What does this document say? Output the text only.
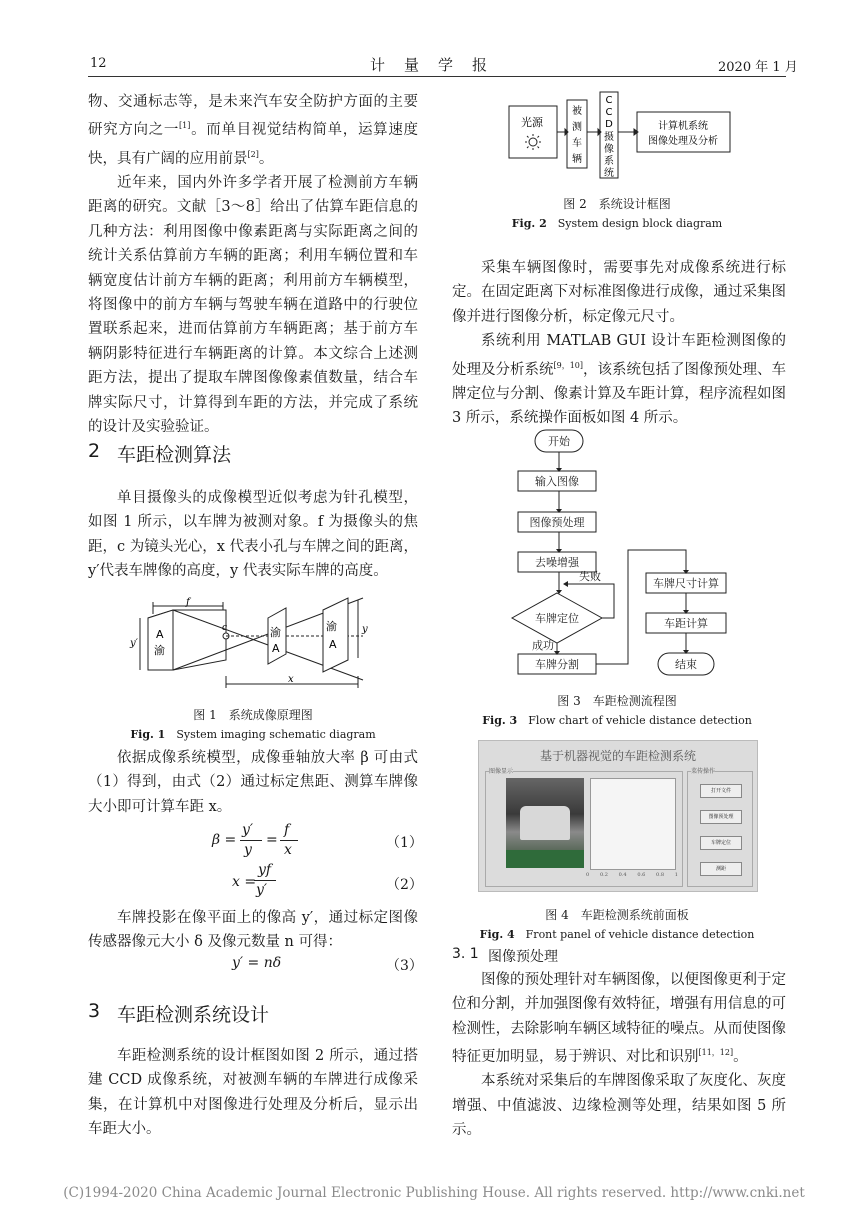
12	计　量　学　报	2020 年 1 月

物、交通标志等，是未来汽车安全防护方面的主要研究方向之一[1]。而单目视觉结构简单，运算速度快，具有广阔的应用前景[2]。

近年来，国内外许多学者开展了检测前方车辆距离的研究。文献［3～8］给出了估算车距信息的几种方法：利用图像中像素距离与实际距离之间的统计关系估算前方车辆的距离；利用车辆位置和车辆宽度估计前方车辆的距离；利用前方车辆模型，将图像中的前方车辆与驾驶车辆在道路中的行驶位置联系起来，进而估算前方车辆距离；基于前方车辆阴影特征进行车辆距离的计算。本文综合上述测距方法，提出了提取车牌图像像素值数量，结合车牌实际尺寸，计算得到车距的方法，并完成了系统的设计及实验验证。

2 车距检测算法

单目摄像头的成像模型近似考虑为针孔模型，如图 1 所示，以车牌为被测对象。f 为摄像头的焦距，c 为镜头光心，x 代表小孔与车牌之间的距离，y′代表车牌像的高度，y 代表实际车牌的高度。

f
y′
c	y
x
A
渝
渝
A
渝
A
图 1　系统成像原理图
Fig. 1　 System imaging schematic diagram

依据成像系统模型，成像垂轴放大率 β 可由式（1）得到，由式（2）通过标定焦距、测算车牌像大小即可计算车距 x。

β =
y′
y
=
f
x	（1）
x =
yf
y′	（2）

车牌投影在像平面上的像高 y′，通过标定图像传感器像元大小 δ 及像元数量 n 可得：

y′ = nδ	（3）
3 车距检测系统设计

车距检测系统的设计框图如图 2 所示，通过搭建 CCD 成像系统，对被测车辆的车牌进行成像采集，在计算机中对图像进行处理及分析后，显示出车距大小。

光源
被
测
车
辆
C
C
D
摄
像
系
统
计算机系统
图像处理及分析
图 2　系统设计框图
Fig. 2　 System design block diagram

采集车辆图像时，需要事先对成像系统进行标定。在固定距离下对标准图像进行成像，通过采集图像并进行图像分析，标定像元尺寸。

系统利用 MATLAB GUI 设计车距检测图像的处理及分析系统[9，10]，该系统包括了图像预处理、车牌定位与分割、像素计算及车距计算，程序流程如图 3 所示，系统操作面板如图 4 所示。

开始
输入图像
图像预处理
去噪增强
车牌定位
失败
成功
车牌分割
车牌尺寸计算
车距计算
结束
图 3　车距检测流程图
Fig. 3　 Flow chart of vehicle distance detection
基于机器视觉的车距检测系统
图像显示
0 0.2 0.4 0.6 0.8 1
菜传操作
打开文件
图像预处理
车牌定位
测距
图 4　车距检测系统前面板
Fig. 4　 Front panel of vehicle distance detection
3. 1 图像预处理

图像的预处理针对车辆图像，以便图像更利于定位和分割，并加强图像有效特征，增强有用信息的可检测性，去除影响车辆区域特征的噪点。从而使图像特征更加明显，易于辨识、对比和识别[11，12]。

本系统对采集后的车牌图像采取了灰度化、灰度增强、中值滤波、边缘检测等处理，结果如图 5 所示。

(C)1994-2020 China Academic Journal Electronic Publishing House. All rights reserved. http://www.cnki.net
